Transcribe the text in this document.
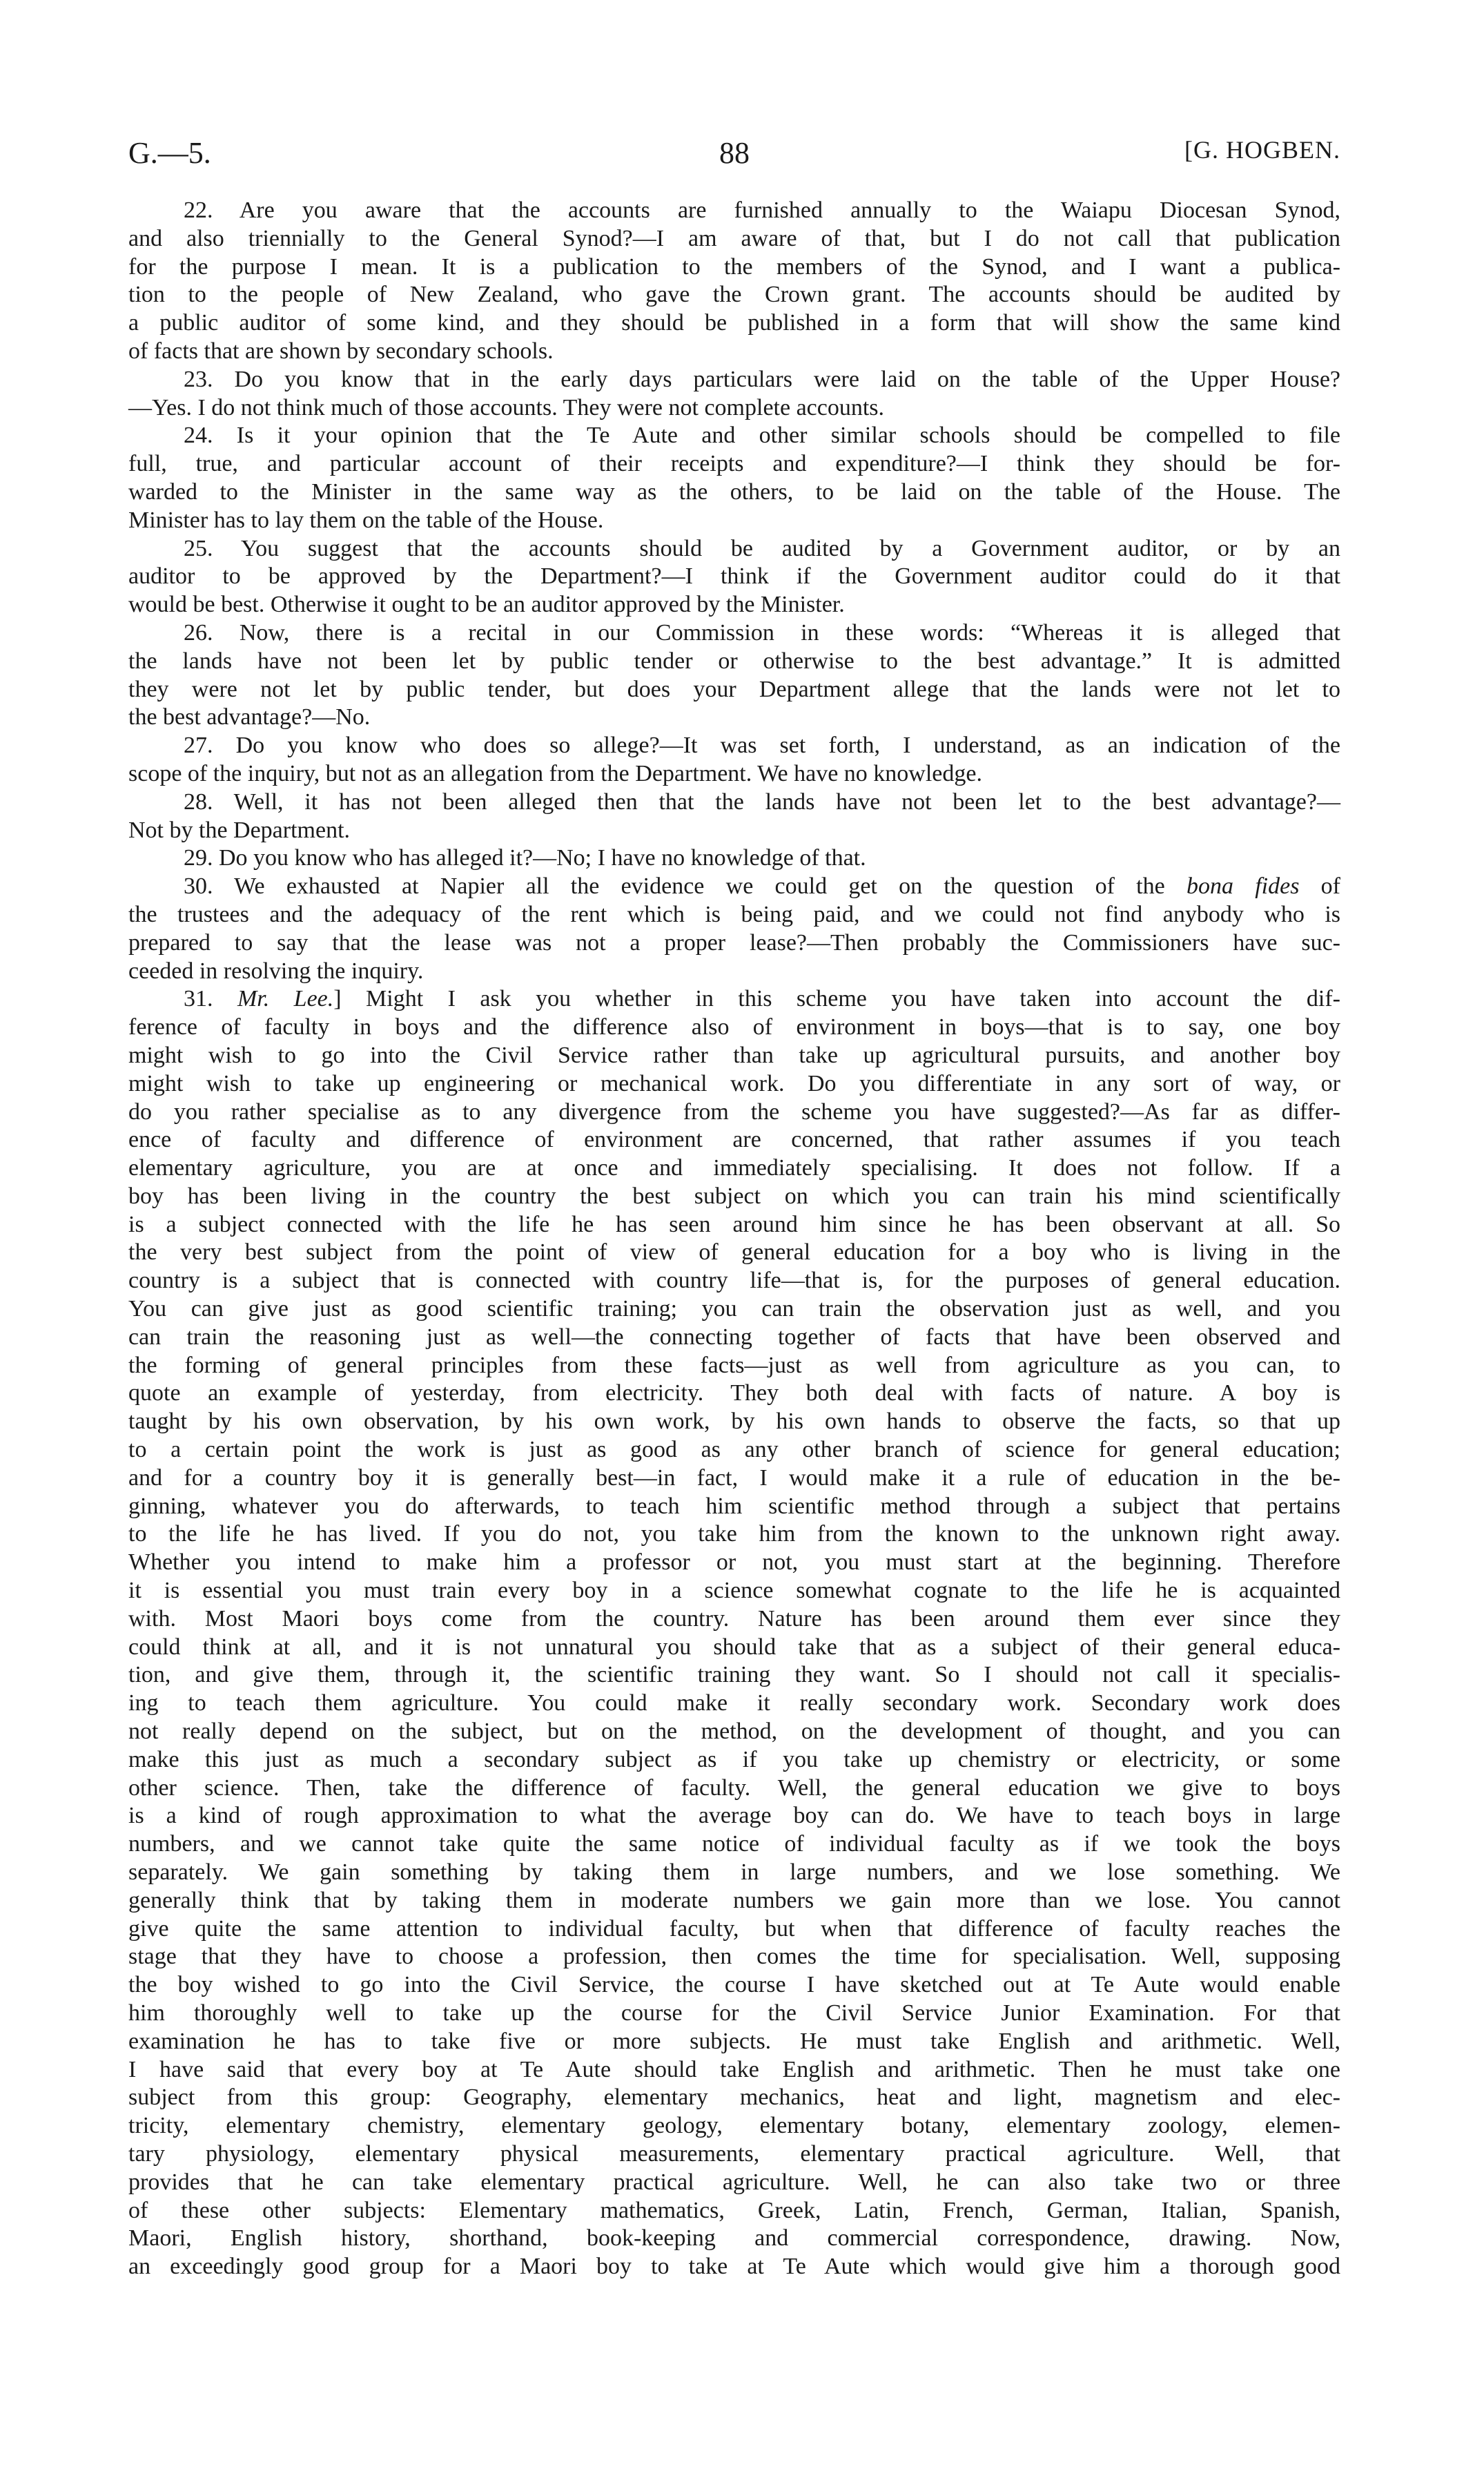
G.—5.	88	[G. HOGBEN.
22. Are you aware that the accounts are furnished annually to the Waiapu Diocesan Synod,
and also triennially to the General Synod?—I am aware of that, but I do not call that publication
for the purpose I mean. It is a publication to the members of the Synod, and I want a publica-
tion to the people of New Zealand, who gave the Crown grant. The accounts should be audited by
a public auditor of some kind, and they should be published in a form that will show the same kind
of facts that are shown by secondary schools.
23. Do you know that in the early days particulars were laid on the table of the Upper House?
—Yes. I do not think much of those accounts. They were not complete accounts.
24. Is it your opinion that the Te Aute and other similar schools should be compelled to file
full, true, and particular account of their receipts and expenditure?—I think they should be for-
warded to the Minister in the same way as the others, to be laid on the table of the House. The
Minister has to lay them on the table of the House.
25. You suggest that the accounts should be audited by a Government auditor, or by an
auditor to be approved by the Department?—I think if the Government auditor could do it that
would be best. Otherwise it ought to be an auditor approved by the Minister.
26. Now, there is a recital in our Commission in these words: “Whereas it is alleged that
the lands have not been let by public tender or otherwise to the best advantage.” It is admitted
they were not let by public tender, but does your Department allege that the lands were not let to
the best advantage?—No.
27. Do you know who does so allege?—It was set forth, I understand, as an indication of the
scope of the inquiry, but not as an allegation from the Department. We have no knowledge.
28. Well, it has not been alleged then that the lands have not been let to the best advantage?—
Not by the Department.
29. Do you know who has alleged it?—No; I have no knowledge of that.
30. We exhausted at Napier all the evidence we could get on the question of the bona fides of
the trustees and the adequacy of the rent which is being paid, and we could not find anybody who is
prepared to say that the lease was not a proper lease?—Then probably the Commissioners have suc-
ceeded in resolving the inquiry.
31. Mr. Lee.] Might I ask you whether in this scheme you have taken into account the dif-
ference of faculty in boys and the difference also of environment in boys—that is to say, one boy
might wish to go into the Civil Service rather than take up agricultural pursuits, and another boy
might wish to take up engineering or mechanical work. Do you differentiate in any sort of way, or
do you rather specialise as to any divergence from the scheme you have suggested?—As far as differ-
ence of faculty and difference of environment are concerned, that rather assumes if you teach
elementary agriculture, you are at once and immediately specialising. It does not follow. If a
boy has been living in the country the best subject on which you can train his mind scientifically
is a subject connected with the life he has seen around him since he has been observant at all. So
the very best subject from the point of view of general education for a boy who is living in the
country is a subject that is connected with country life—that is, for the purposes of general education.
You can give just as good scientific training; you can train the observation just as well, and you
can train the reasoning just as well—the connecting together of facts that have been observed and
the forming of general principles from these facts—just as well from agriculture as you can, to
quote an example of yesterday, from electricity. They both deal with facts of nature. A boy is
taught by his own observation, by his own work, by his own hands to observe the facts, so that up
to a certain point the work is just as good as any other branch of science for general education;
and for a country boy it is generally best—in fact, I would make it a rule of education in the be-
ginning, whatever you do afterwards, to teach him scientific method through a subject that pertains
to the life he has lived. If you do not, you take him from the known to the unknown right away.
Whether you intend to make him a professor or not, you must start at the beginning. Therefore
it is essential you must train every boy in a science somewhat cognate to the life he is acquainted
with. Most Maori boys come from the country. Nature has been around them ever since they
could think at all, and it is not unnatural you should take that as a subject of their general educa-
tion, and give them, through it, the scientific training they want. So I should not call it specialis-
ing to teach them agriculture. You could make it really secondary work. Secondary work does
not really depend on the subject, but on the method, on the development of thought, and you can
make this just as much a secondary subject as if you take up chemistry or electricity, or some
other science. Then, take the difference of faculty. Well, the general education we give to boys
is a kind of rough approximation to what the average boy can do. We have to teach boys in large
numbers, and we cannot take quite the same notice of individual faculty as if we took the boys
separately. We gain something by taking them in large numbers, and we lose something. We
generally think that by taking them in moderate numbers we gain more than we lose. You cannot
give quite the same attention to individual faculty, but when that difference of faculty reaches the
stage that they have to choose a profession, then comes the time for specialisation. Well, supposing
the boy wished to go into the Civil Service, the course I have sketched out at Te Aute would enable
him thoroughly well to take up the course for the Civil Service Junior Examination. For that
examination he has to take five or more subjects. He must take English and arithmetic. Well,
I have said that every boy at Te Aute should take English and arithmetic. Then he must take one
subject from this group: Geography, elementary mechanics, heat and light, magnetism and elec-
tricity, elementary chemistry, elementary geology, elementary botany, elementary zoology, elemen-
tary physiology, elementary physical measurements, elementary practical agriculture. Well, that
provides that he can take elementary practical agriculture. Well, he can also take two or three
of these other subjects: Elementary mathematics, Greek, Latin, French, German, Italian, Spanish,
Maori, English history, shorthand, book-keeping and commercial correspondence, drawing. Now,
an exceedingly good group for a Maori boy to take at Te Aute which would give him a thorough good
